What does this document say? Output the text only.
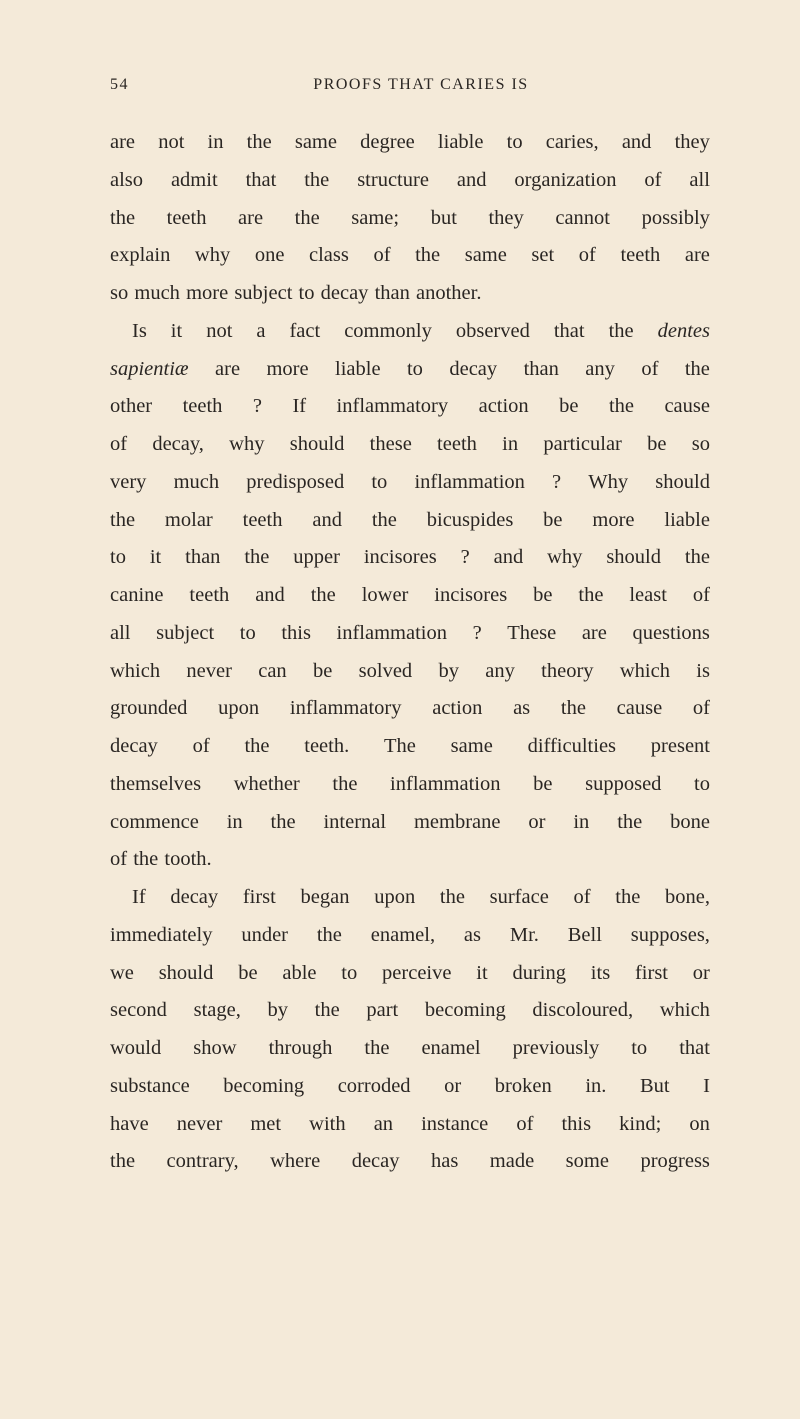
54	PROOFS THAT CARIES IS
are not in the same degree liable to caries, and they
also admit that the structure and organization of all
the teeth are the same; but they cannot possibly
explain why one class of the same set of teeth are
so much more subject to decay than another.
Is it not a fact commonly observed that the dentes
sapientiæ are more liable to decay than any of the
other teeth ? If inflammatory action be the cause
of decay, why should these teeth in particular be so
very much predisposed to inflammation ? Why should
the molar teeth and the bicuspides be more liable
to it than the upper incisores ? and why should the
canine teeth and the lower incisores be the least of
all subject to this inflammation ? These are questions
which never can be solved by any theory which is
grounded upon inflammatory action as the cause of
decay of the teeth. The same difficulties present
themselves whether the inflammation be supposed to
commence in the internal membrane or in the bone
of the tooth.
If decay first began upon the surface of the bone,
immediately under the enamel, as Mr. Bell supposes,
we should be able to perceive it during its first or
second stage, by the part becoming discoloured, which
would show through the enamel previously to that
substance becoming corroded or broken in. But I
have never met with an instance of this kind; on
the contrary, where decay has made some progress
